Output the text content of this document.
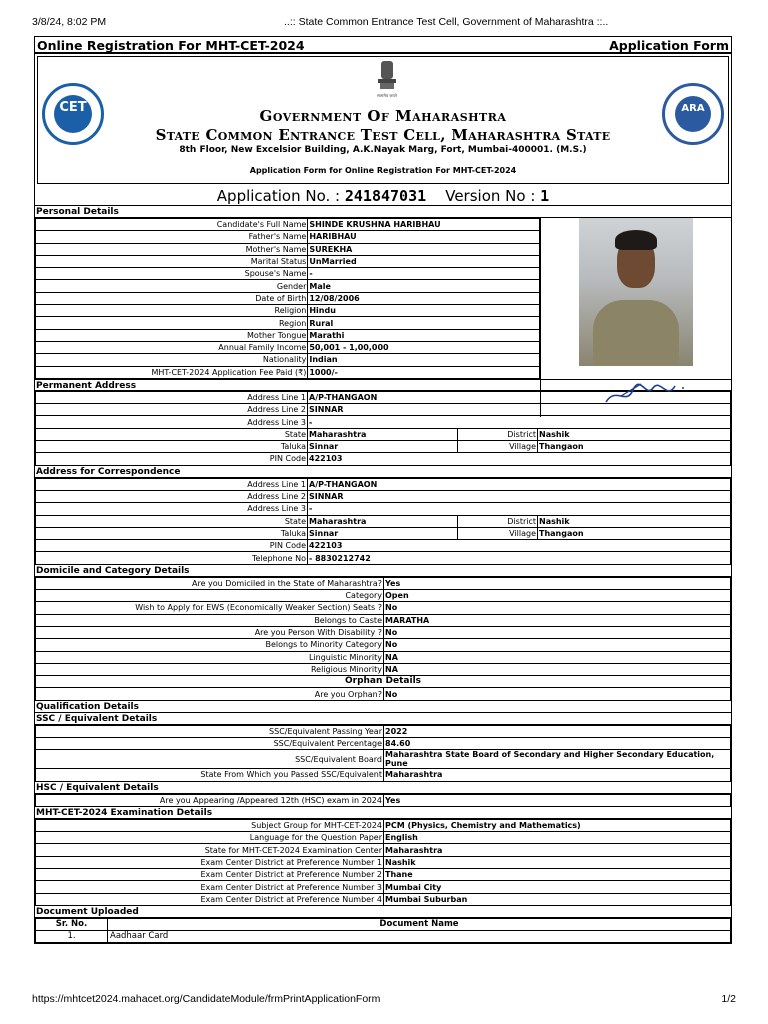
3/8/24, 8:02 PM	..:: State Common Entrance Test Cell, Government of Maharashtra ::..
Online Registration For MHT-CET-2024	Application Form
CET
सत्यमेव जयते
Government Of Maharashtra
State Common Entrance Test Cell, Maharashtra State
8th Floor, New Excelsior Building, A.K.Nayak Marg, Fort, Mumbai-400001. (M.S.)
Application Form for Online Registration For MHT-CET-2024
ARA
Application No. : 241847031 Version No : 1
Personal Details
Candidate's Full Name	SHINDE KRUSHNA HARIBHAU
Father's Name	HARIBHAU
Mother's Name	SUREKHA
Marital Status	UnMarried
Spouse's Name	-
Gender	Male
Date of Birth	12/08/2006
Religion	Hindu
Region	Rural
Mother Tongue	Marathi
Annual Family Income	50,001 - 1,00,000
Nationality	Indian
MHT-CET-2024 Application Fee Paid (₹)	1000/-
Permanent Address
Address Line 1	A/P-THANGAON		
Address Line 2	SINNAR		
Address Line 3	-		
State	Maharashtra	District	Nashik
Taluka	Sinnar	Village	Thangaon
PIN Code	422103		
Address for Correspondence
Address Line 1	A/P-THANGAON		
Address Line 2	SINNAR		
Address Line 3	-		
State	Maharashtra	District	Nashik
Taluka	Sinnar	Village	Thangaon
PIN Code	422103		
Telephone No	- 8830212742		
Domicile and Category Details
Are you Domiciled in the State of Maharashtra?	Yes
Category	Open
Wish to Apply for EWS (Economically Weaker Section) Seats ?	No
Belongs to Caste	MARATHA
Are you Person With Disability ?	No
Belongs to Minority Category	No
Linguistic Minority	NA
Religious Minority	NA
Orphan Details	
Are you Orphan?	No
Qualification Details
SSC / Equivalent Details
SSC/Equivalent Passing Year	2022
SSC/Equivalent Percentage	84.60
SSC/Equivalent Board	Maharashtra State Board of Secondary and Higher Secondary Education, Pune
State From Which you Passed SSC/Equivalent	Maharashtra
HSC / Equivalent Details
Are you Appearing /Appeared 12th (HSC) exam in 2024	Yes
MHT-CET-2024 Examination Details
Subject Group for MHT-CET-2024	PCM (Physics, Chemistry and Mathematics)
Language for the Question Paper	English
State for MHT-CET-2024 Examination Center	Maharashtra
Exam Center District at Preference Number 1	Nashik
Exam Center District at Preference Number 2	Thane
Exam Center District at Preference Number 3	Mumbai City
Exam Center District at Preference Number 4	Mumbai Suburban
Document Uploaded
Sr. No.	Document Name
1.	Aadhaar Card
https://mhtcet2024.mahacet.org/CandidateModule/frmPrintApplicationForm	1/2
